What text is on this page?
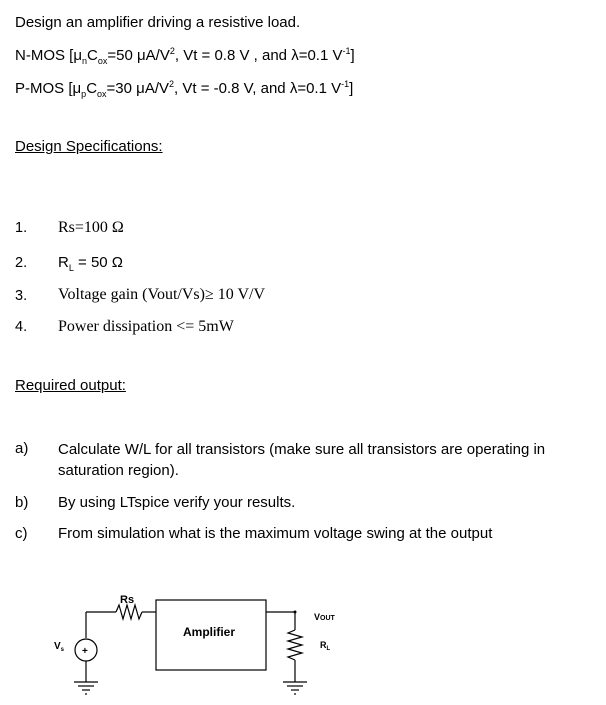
Design an amplifier driving a resistive load.
N-MOS [$\mu_nC_{ox}=50$ $\mu A/V^2$, Vt = 0.8 V , and λ=0.1 $V^{-1}$]
P-MOS [$\mu_pC_{ox}=30$ $\mu A/V^2$, Vt = -0.8 V, and λ=0.1 $V^{-1}$]
Design Specifications:
1. Rs=100 Ω
2. $R_L = 50$ Ω
3. Voltage gain (Vout/Vs)≥ 10 V/V
4. Power dissipation <= 5mW
Required output:
a) Calculate W/L for all transistors (make sure all transistors are operating in saturation region).
b) By using LTspice verify your results.
c) From simulation what is the maximum voltage swing at the output
Rs
Amplifier
+
$V_s$
VOUT
$R_L$
